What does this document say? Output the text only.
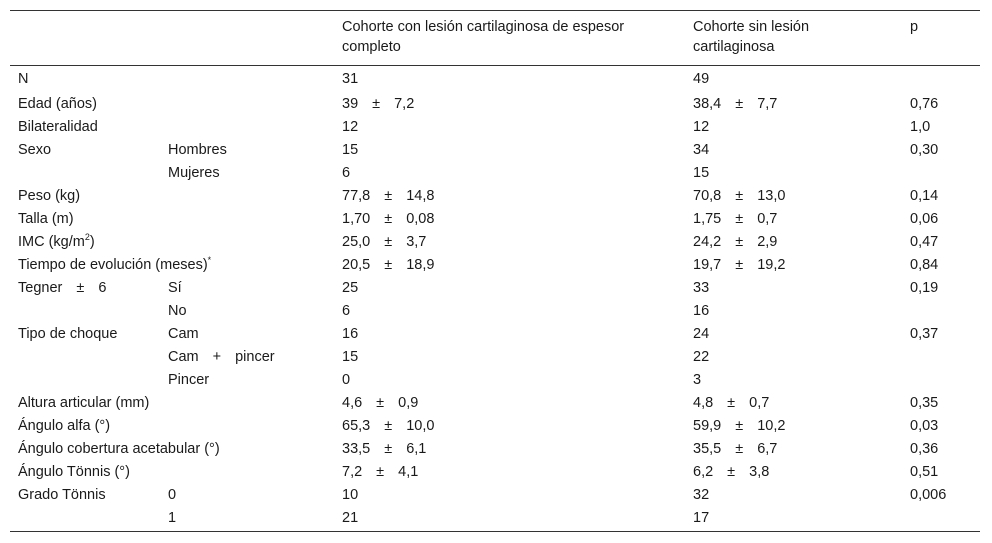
		Cohorte con lesión cartilaginosa de espesor completo	Cohorte sin lesión cartilaginosa	p
N		31	49	
Edad (años)		39 ± 7,2	38,4 ± 7,7	0,76
Bilateralidad		12	12	1,0
Sexo	Hombres	15	34	0,30
	Mujeres	6	15	
Peso (kg)		77,8 ± 14,8	70,8 ± 13,0	0,14
Talla (m)		1,70 ± 0,08	1,75 ± 0,7	0,06
IMC $(kg/m^2)$		25,0 ± 3,7	24,2 ± 2,9	0,47
Tiempo de evolución (meses)*		20,5 ± 18,9	19,7 ± 19,2	0,84
Tegner ± 6	Sí	25	33	0,19
	No	6	16	
Tipo de choque	Cam	16	24	0,37
	Cam + pincer	15	22	
	Pincer	0	3	
Altura articular (mm)		4,6 ± 0,9	4,8 ± 0,7	0,35
Ángulo alfa (°)		65,3 ± 10,0	59,9 ± 10,2	0,03
Ángulo cobertura acetabular (°)		33,5 ± 6,1	35,5 ± 6,7	0,36
Ángulo Tönnis (°)		7,2 ± 4,1	6,2 ± 3,8	0,51
Grado Tönnis	0	10	32	0,006
	1	21	17	
